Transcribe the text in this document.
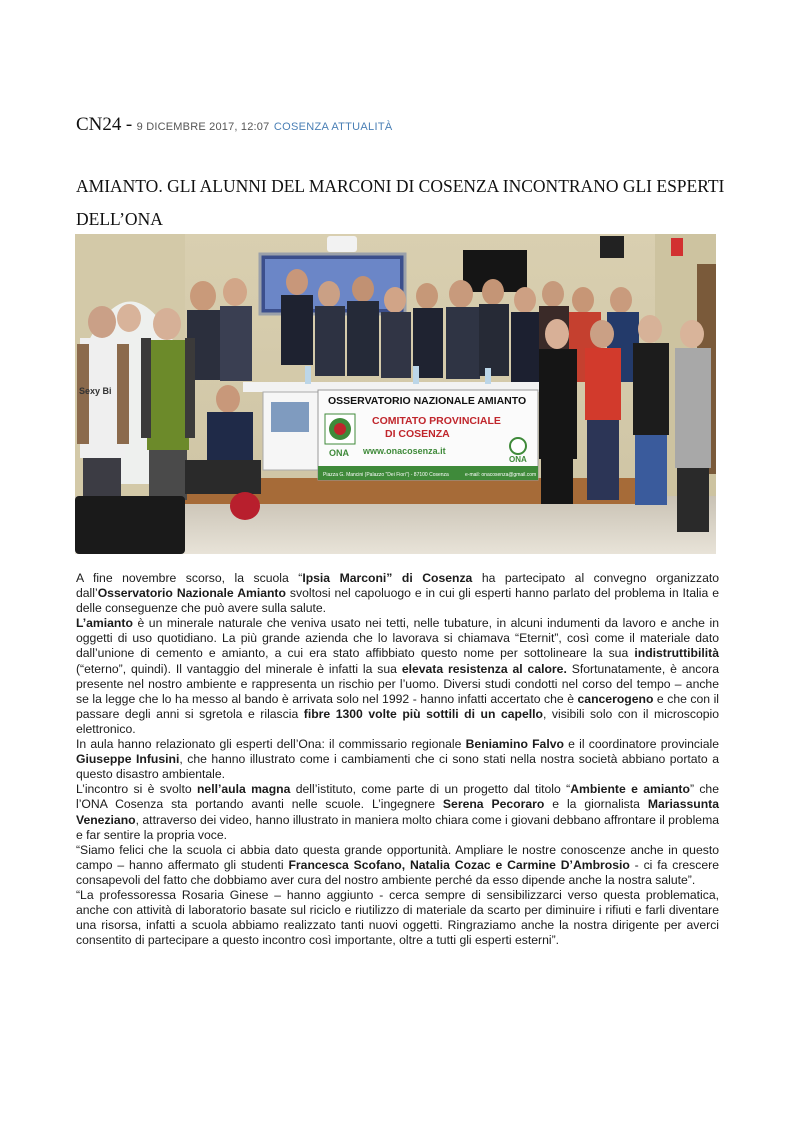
CN24 - 9 DICEMBRE 2017, 12:07 COSENZA ATTUALITÀ
AMIANTO. GLI ALUNNI DEL MARCONI DI COSENZA INCONTRANO GLI ESPERTI DELL’ONA
OSSERVATORIO NAZIONALE AMIANTO
ONA
COMITATO PROVINCIALE
DI COSENZA
www.onacosenza.it
ONA
Piazza G. Mancini (Palazzo "Dei Fiori") - 87100 Cosenza	e-mail: onacosenza@gmail.com
Sexy Bi

A fine novembre scorso, la scuola “Ipsia Marconi” di Cosenza ha partecipato al convegno organizzato dall’Osservatorio Nazionale Amianto svoltosi nel capoluogo e in cui gli esperti hanno parlato del problema in Italia e delle conseguenze che può avere sulla salute.

L’amianto è un minerale naturale che veniva usato nei tetti, nelle tubature, in alcuni indumenti da lavoro e anche in oggetti di uso quotidiano. La più grande azienda che lo lavorava si chiamava “Eternit”, così come il materiale dato dall’unione di cemento e amianto, a cui era stato affibbiato questo nome per sottolineare la sua indistruttibilità (“eterno”, quindi). Il vantaggio del minerale è infatti la sua elevata resistenza al calore. Sfortunatamente, è ancora presente nel nostro ambiente e rappresenta un rischio per l’uomo. Diversi studi condotti nel corso del tempo – anche se la legge che lo ha messo al bando è arrivata solo nel 1992 - hanno infatti accertato che è cancerogeno e che con il passare degli anni si sgretola e rilascia fibre 1300 volte più sottili di un capello, visibili solo con il microscopio elettronico.

In aula hanno relazionato gli esperti dell’Ona: il commissario regionale Beniamino Falvo e il coordinatore provinciale Giuseppe Infusini, che hanno illustrato come i cambiamenti che ci sono stati nella nostra società abbiano portato a questo disastro ambientale.

L’incontro si è svolto nell’aula magna dell’istituto, come parte di un progetto dal titolo “Ambiente e amianto” che l’ONA Cosenza sta portando avanti nelle scuole. L’ingegnere Serena Pecoraro e la giornalista Mariassunta Veneziano, attraverso dei video, hanno illustrato in maniera molto chiara come i giovani debbano affrontare il problema e far sentire la propria voce.

“Siamo felici che la scuola ci abbia dato questa grande opportunità. Ampliare le nostre conoscenze anche in questo campo – hanno affermato gli studenti Francesca Scofano, Natalia Cozac e Carmine D’Ambrosio - ci fa crescere consapevoli del fatto che dobbiamo aver cura del nostro ambiente perché da esso dipende anche la nostra salute”.

“La professoressa Rosaria Ginese – hanno aggiunto - cerca sempre di sensibilizzarci verso questa problematica, anche con attività di laboratorio basate sul riciclo e riutilizzo di materiale da scarto per diminuire i rifiuti e farli diventare una risorsa, infatti a scuola abbiamo realizzato tanti nuovi oggetti. Ringraziamo anche la nostra dirigente per averci consentito di partecipare a questo incontro così importante, oltre a tutti gli esperti esterni”.
